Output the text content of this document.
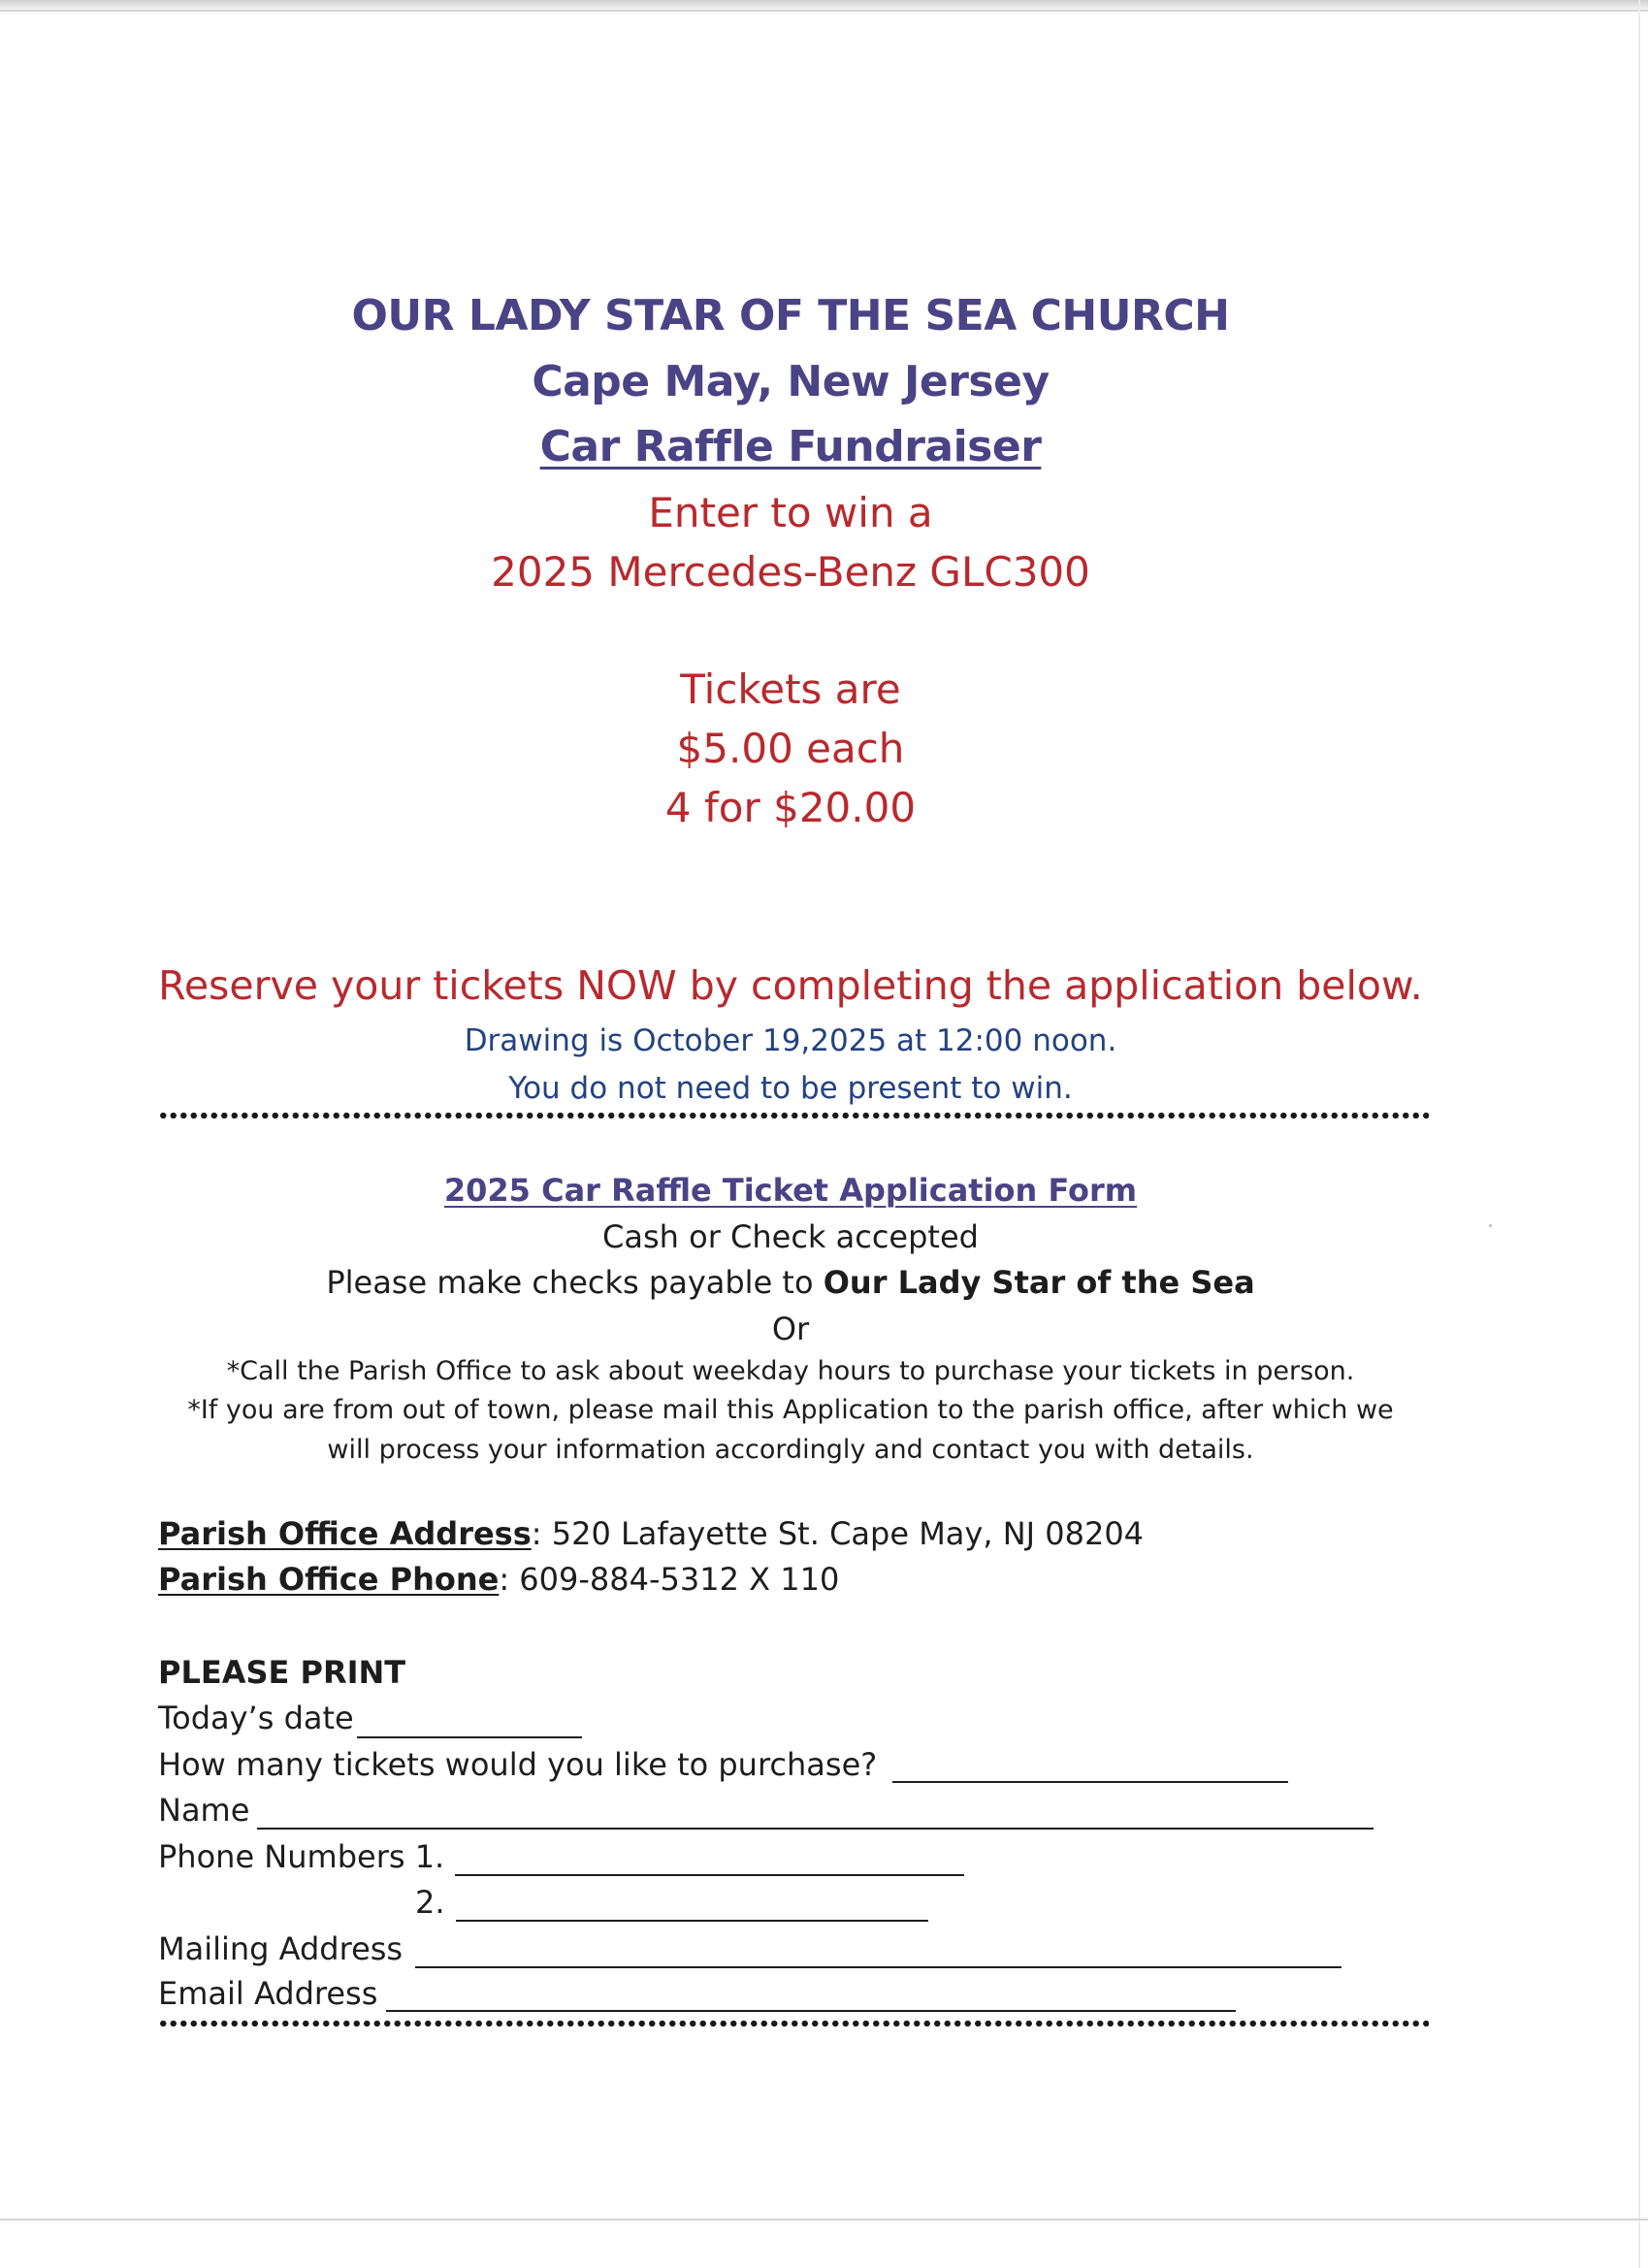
OUR LADY STAR OF THE SEA CHURCH
Cape May, New Jersey
Car Raffle Fundraiser
Enter to win a
2025 Mercedes-Benz GLC300
Tickets are
$5.00 each
4 for $20.00
Reserve your tickets NOW by completing the application below.
Drawing is October 19,2025 at 12:00 noon.
You do not need to be present to win.
2025 Car Raffle Ticket Application Form
Cash or Check accepted
Please make checks payable to Our Lady Star of the Sea
Or
*Call the Parish Office to ask about weekday hours to purchase your tickets in person.
*If you are from out of town, please mail this Application to the parish office, after which we
will process your information accordingly and contact you with details.
Parish Office Address: 520 Lafayette St. Cape May, NJ 08204
Parish Office Phone: 609-884-5312 X 110
PLEASE PRINT
Today’s date
How many tickets would you like to purchase?
Name
Phone Numbers 1.
2.
Mailing Address
Email Address
